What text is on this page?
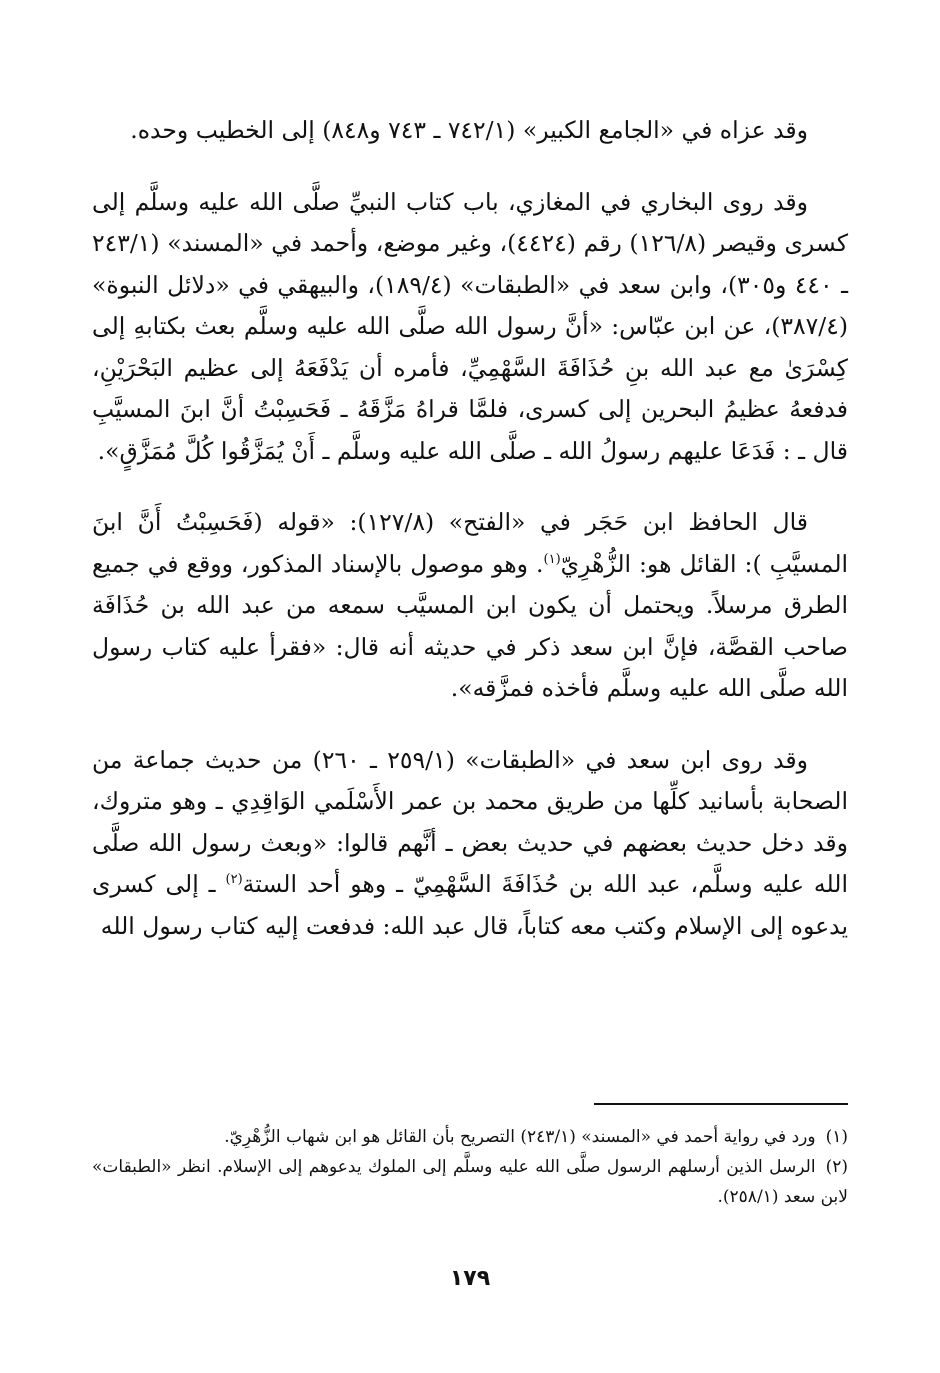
وقد عزاه في «الجامع الكبير» (٧٤٢/١ ـ ٧٤٣ و٨٤٨) إلى الخطيب وحده.

وقد روى البخاري في المغازي، باب كتاب النبيِّ صلَّى الله عليه وسلَّم إلى كسرى وقيصر (١٢٦/٨) رقم (٤٤٢٤)، وغير موضع، وأحمد في «المسند» (٢٤٣/١ ـ ٤٤٠ و٣٠٥)، وابن سعد في «الطبقات» (١٨٩/٤)، والبيهقي في «دلائل النبوة» (٣٨٧/٤)، عن ابن عبّاس: «أنَّ رسول الله صلَّى الله عليه وسلَّم بعث بكتابهِ إلى كِسْرَىٰ مع عبد الله بنِ حُذَافَةَ السَّهْمِيِّ، فأمره أن يَدْفَعَهُ إلى عظيم البَحْرَيْنِ، فدفعهُ عظيمُ البحرين إلى كسرى، فلمَّا قراهُ مَزَّقَهُ ـ فَحَسِبْتُ أنَّ ابنَ المسيَّبِ قال ـ : فَدَعَا عليهم رسولُ الله ـ صلَّى الله عليه وسلَّم ـ أَنْ يُمَزَّقُوا كُلَّ مُمَزَّقٍ».

قال الحافظ ابن حَجَر في «الفتح» (١٢٧/٨): «قوله (فَحَسِبْتُ أَنَّ ابنَ المسيَّبِ ): القائل هو: الزُّهْرِيّ$^{(١)}$. وهو موصول بالإسناد المذكور، ووقع في جميع الطرق مرسلاً. ويحتمل أن يكون ابن المسيَّب سمعه من عبد الله بن حُذَافَة صاحب القصَّة، فإنَّ ابن سعد ذكر في حديثه أنه قال: «فقرأ عليه كتاب رسول الله صلَّى الله عليه وسلَّم فأخذه فمزَّقه».

وقد روى ابن سعد في «الطبقات» (٢٥٩/١ ـ ٢٦٠) من حديث جماعة من الصحابة بأسانيد كلِّها من طريق محمد بن عمر الأَسْلَمي الوَاقِدِي ـ وهو متروك، وقد دخل حديث بعضهم في حديث بعض ـ أنَّهم قالوا: «وبعث رسول الله صلَّى الله عليه وسلَّم، عبد الله بن حُذَافَةَ السَّهْمِيّ ـ وهو أحد الستة$^{(٢)}$ ـ إلى كسرى يدعوه إلى الإسلام وكتب معه كتاباً، قال عبد الله: فدفعت إليه كتاب رسول الله

(١)ورد في رواية أحمد في «المسند» (٢٤٣/١) التصريح بأن القائل هو ابن شهاب الزُّهْرِيّ.

(٢)الرسل الذين أرسلهم الرسول صلَّى الله عليه وسلَّم إلى الملوك يدعوهم إلى الإسلام. انظر «الطبقات» لابن سعد (٢٥٨/١).

١٧٩
